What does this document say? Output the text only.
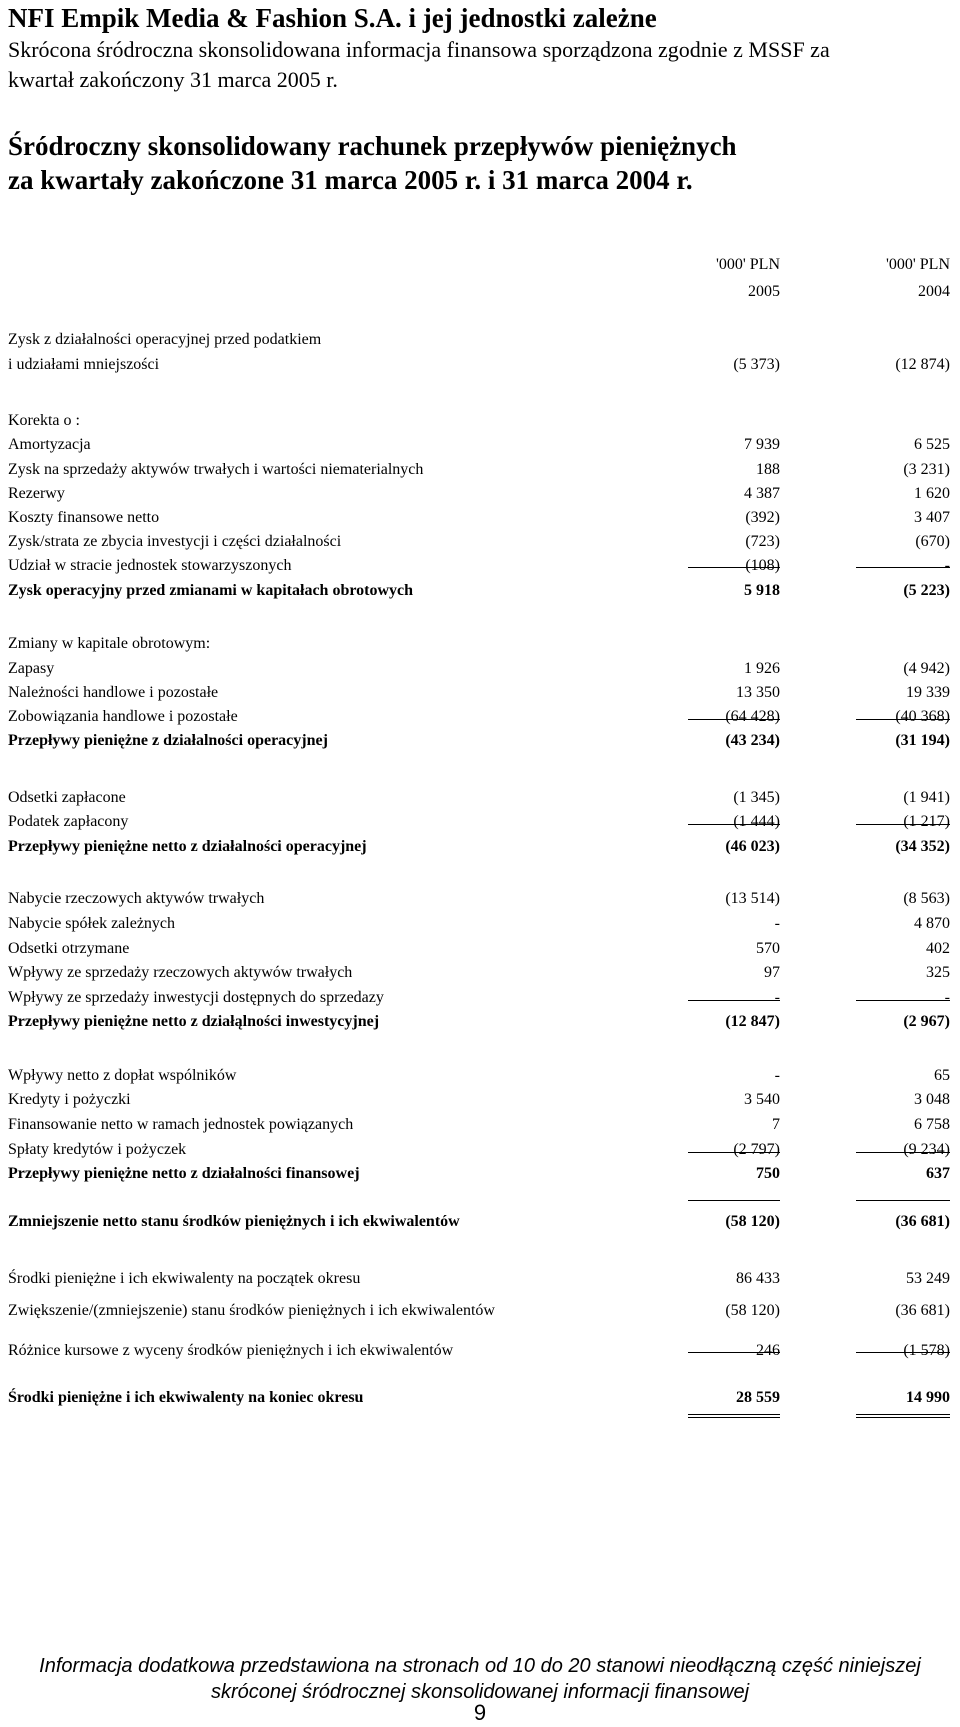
NFI Empik Media & Fashion S.A. i jej jednostki zależne
Skrócona śródroczna skonsolidowana informacja finansowa sporządzona zgodnie z MSSF za
kwartał zakończony 31 marca 2005 r.
Śródroczny skonsolidowany rachunek przepływów pieniężnych
za kwartały zakończone 31 marca 2005 r. i 31 marca 2004 r.
'000' PLN	'000' PLN
2005	2004
Zysk z działalności operacyjnej przed podatkiem
i udziałami mniejszości	(5 373)	(12 874)
Korekta o :
Amortyzacja	7 939	6 525
Zysk na sprzedaży aktywów trwałych i wartości niematerialnych	188	(3 231)
Rezerwy	4 387	1 620
Koszty finansowe netto	(392)	3 407
Zysk/strata ze zbycia investycji i części działalności	(723)	(670)
Udział w stracie jednostek stowarzyszonych	(108)	-
Zysk operacyjny przed zmianami w kapitałach obrotowych	5 918	(5 223)
Zmiany w kapitale obrotowym:
Zapasy	1 926	(4 942)
Należności handlowe i pozostałe	13 350	19 339
Zobowiązania handlowe i pozostałe	(64 428)	(40 368)
Przepływy pieniężne z działalności operacyjnej	(43 234)	(31 194)
Odsetki zapłacone	(1 345)	(1 941)
Podatek zapłacony	(1 444)	(1 217)
Przepływy pieniężne netto z działalności operacyjnej	(46 023)	(34 352)
Nabycie rzeczowych aktywów trwałych	(13 514)	(8 563)
Nabycie spółek zależnych	-	4 870
Odsetki otrzymane	570	402
Wpływy ze sprzedaży rzeczowych aktywów trwałych	97	325
Wpływy ze sprzedaży inwestycji dostępnych do sprzedazy	-	-
Przepływy pieniężne netto z działąlności inwestycyjnej	(12 847)	(2 967)
Wpływy netto z dopłat wspólników	-	65
Kredyty i pożyczki	3 540	3 048
Finansowanie netto w ramach jednostek powiązanych	7	6 758
Spłaty kredytów i pożyczek	(2 797)	(9 234)
Przepływy pieniężne netto z działalności finansowej	750	637
Zmniejszenie netto stanu środków pieniężnych i ich ekwiwalentów	(58 120)	(36 681)
Środki pieniężne i ich ekwiwalenty na początek okresu	86 433	53 249
Zwiększenie/(zmniejszenie) stanu środków pieniężnych i ich ekwiwalentów	(58 120)	(36 681)
Różnice kursowe z wyceny środków pieniężnych i ich ekwiwalentów	246	(1 578)
Środki pieniężne i ich ekwiwalenty na koniec okresu	28 559	14 990
Informacja dodatkowa przedstawiona na stronach od 10 do 20 stanowi nieodłączną część niniejszej
skróconej śródrocznej skonsolidowanej informacji finansowej
9
